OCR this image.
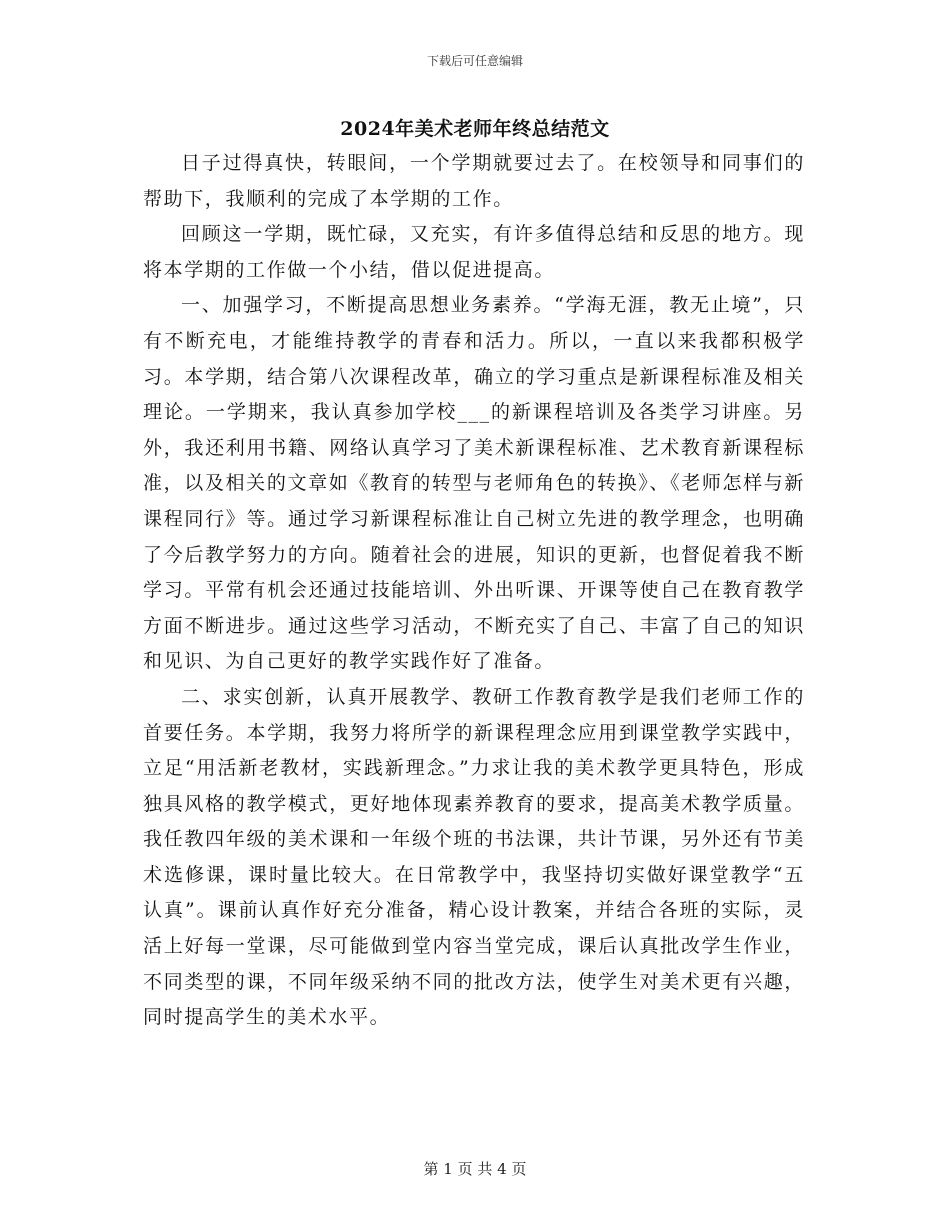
下载后可任意编辑
2024年美术老师年终总结范文

日子过得真快，转眼间，一个学期就要过去了。在校领导和同事们的帮助下，我顺利的完成了本学期的工作。

回顾这一学期，既忙碌，又充实，有许多值得总结和反思的地方。现将本学期的工作做一个小结，借以促进提高。

一、加强学习，不断提高思想业务素养。“学海无涯，教无止境”，只有不断充电，才能维持教学的青春和活力。所以，一直以来我都积极学习。本学期，结合第八次课程改革，确立的学习重点是新课程标准及相关理论。一学期来，我认真参加学校___的新课程培训及各类学习讲座。另外，我还利用书籍、网络认真学习了美术新课程标准、艺术教育新课程标准，以及相关的文章如《教育的转型与老师角色的转换》、《老师怎样与新课程同行》等。通过学习新课程标准让自己树立先进的教学理念，也明确了今后教学努力的方向。随着社会的进展，知识的更新，也督促着我不断学习。平常有机会还通过技能培训、外出听课、开课等使自己在教育教学方面不断进步。通过这些学习活动，不断充实了自己、丰富了自己的知识和见识、为自己更好的教学实践作好了准备。

二、求实创新，认真开展教学、教研工作教育教学是我们老师工作的首要任务。本学期，我努力将所学的新课程理念应用到课堂教学实践中，立足“用活新老教材，实践新理念。”力求让我的美术教学更具特色，形成独具风格的教学模式，更好地体现素养教育的要求，提高美术教学质量。我任教四年级的美术课和一年级个班的书法课，共计节课，另外还有节美术选修课，课时量比较大。在日常教学中，我坚持切实做好课堂教学“五认真”。课前认真作好充分准备，精心设计教案，并结合各班的实际，灵活上好每一堂课，尽可能做到堂内容当堂完成，课后认真批改学生作业，不同类型的课，不同年级采纳不同的批改方法，使学生对美术更有兴趣，同时提高学生的美术水平。

第 1 页 共 4 页
